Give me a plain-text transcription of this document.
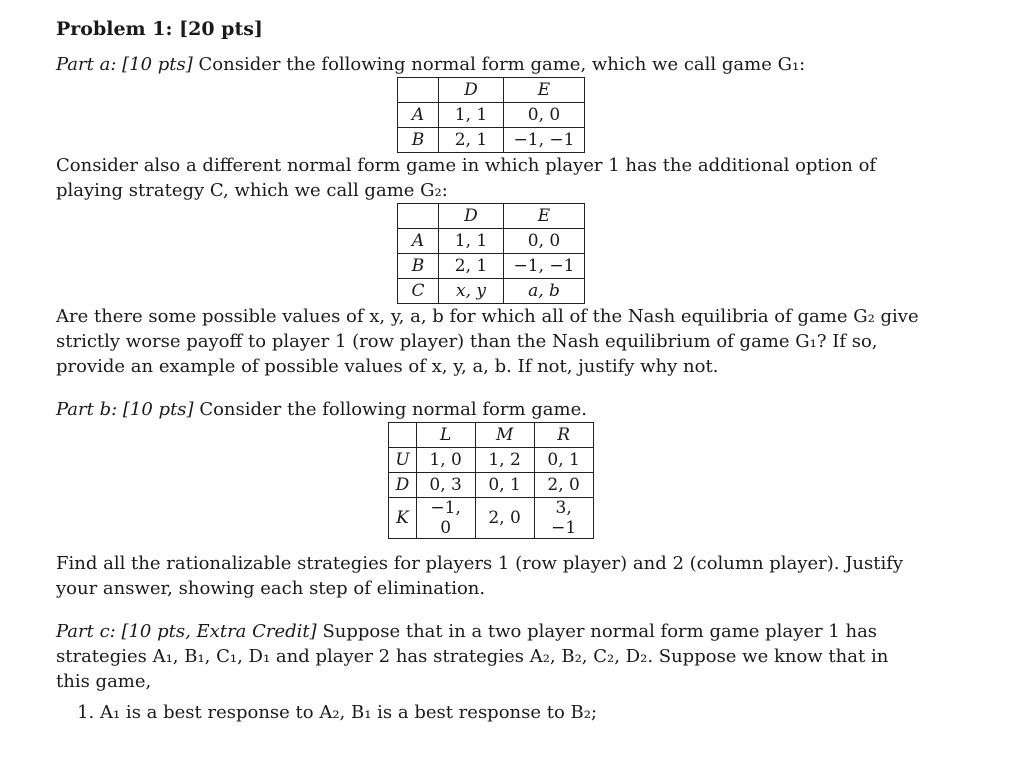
Problem 1: [20 pts]

Part a: [10 pts] Consider the following normal form game, which we call game G₁:

	D	E
A	1, 1	0, 0
B	2, 1	−1, −1

Consider also a different normal form game in which player 1 has the additional option of playing strategy C, which we call game G₂:

	D	E
A	1, 1	0, 0
B	2, 1	−1, −1
C	x, y	a, b

Are there some possible values of x, y, a, b for which all of the Nash equilibria of game G₂ give strictly worse payoff to player 1 (row player) than the Nash equilibrium of game G₁? If so, provide an example of possible values of x, y, a, b. If not, justify why not.

Part b: [10 pts] Consider the following normal form game.

	L	M	R
U	1, 0	1, 2	0, 1
D	0, 3	0, 1	2, 0
K	−1, 0	2, 0	3, −1

Find all the rationalizable strategies for players 1 (row player) and 2 (column player). Justify your answer, showing each step of elimination.

Part c: [10 pts, Extra Credit] Suppose that in a two player normal form game player 1 has strategies A₁, B₁, C₁, D₁ and player 2 has strategies A₂, B₂, C₂, D₂. Suppose we know that in this game,

1. A₁ is a best response to A₂, B₁ is a best response to B₂;
